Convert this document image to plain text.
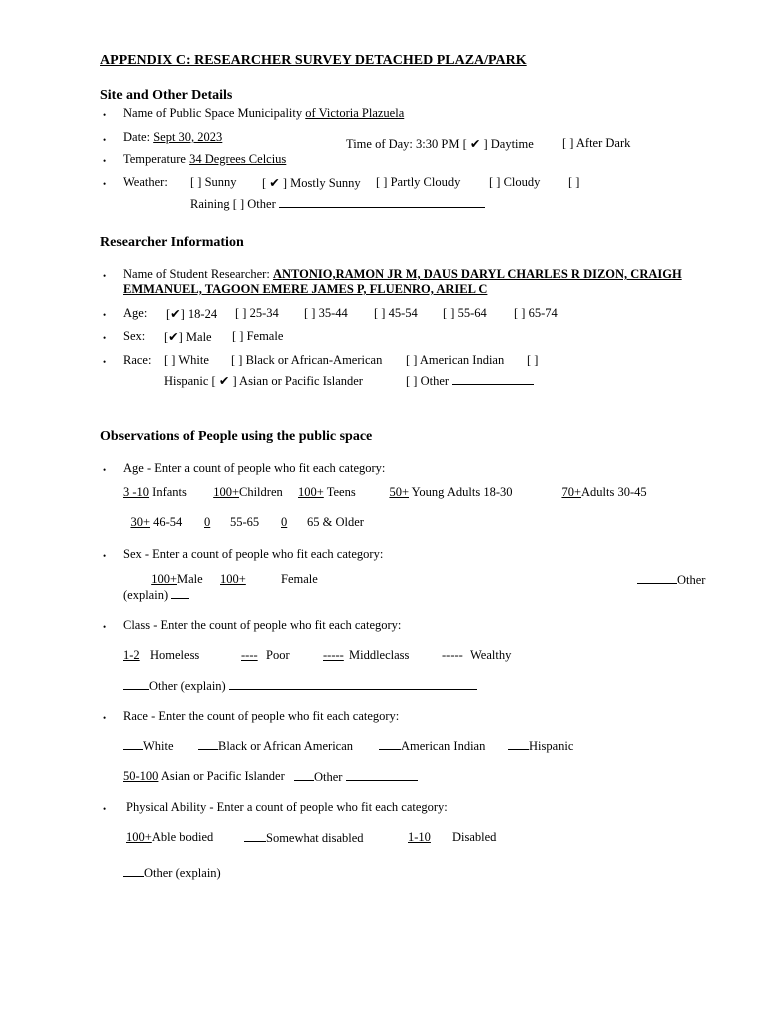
APPENDIX C: RESEARCHER SURVEY DETACHED PLAZA/PARK
Site and Other Details
• Name of Public Space Municipality of Victoria Plazuela
• Date: Sept 30, 2023	Time of Day: 3:30 PM [ ✔ ] Daytime [ ] After Dark
• Temperature 34 Degrees Celcius
• Weather: [ ] Sunny [ ✔ ] Mostly Sunny [ ] Partly Cloudy [ ] Cloudy [ ]
Raining [ ] Other
Researcher Information
• Name of Student Researcher: ANTONIO,RAMON JR M, DAUS DARYL CHARLES R DIZON, CRAIGH
EMMANUEL, TAGOON EMERE JAMES P, FLUENRO, ARIEL C
• Age: [✔] 18-24 [ ] 25-34 [ ] 35-44 [ ] 45-54 [ ] 55-64 [ ] 65-74
• Sex: [✔] Male [ ] Female
• Race: [ ] White [ ] Black or African-American [ ] American Indian [ ]
Hispanic [ ✔ ] Asian or Pacific Islander	[ ] Other
Observations of People using the public space
• Age - Enter a count of people who fit each category:
3 -10 Infants	100+Children 100+ Teens	50+ Young Adults 18-30	70+Adults 30-45
30+ 46-54 0 55-65 0 65 & Older
• Sex - Enter a count of people who fit each category:
100+Male 100+	Female	Other
(explain)
• Class - Enter the count of people who fit each category:
1-2 Homeless	---- Poor	----- Middleclass	----- Wealthy
Other (explain)
• Race - Enter the count of people who fit each category:
White	Black or African American	American Indian	Hispanic
50-100 Asian or Pacific Islander	Other
• Physical Ability - Enter a count of people who fit each category:
100+Able bodied	Somewhat disabled	1-10 Disabled
Other (explain)
